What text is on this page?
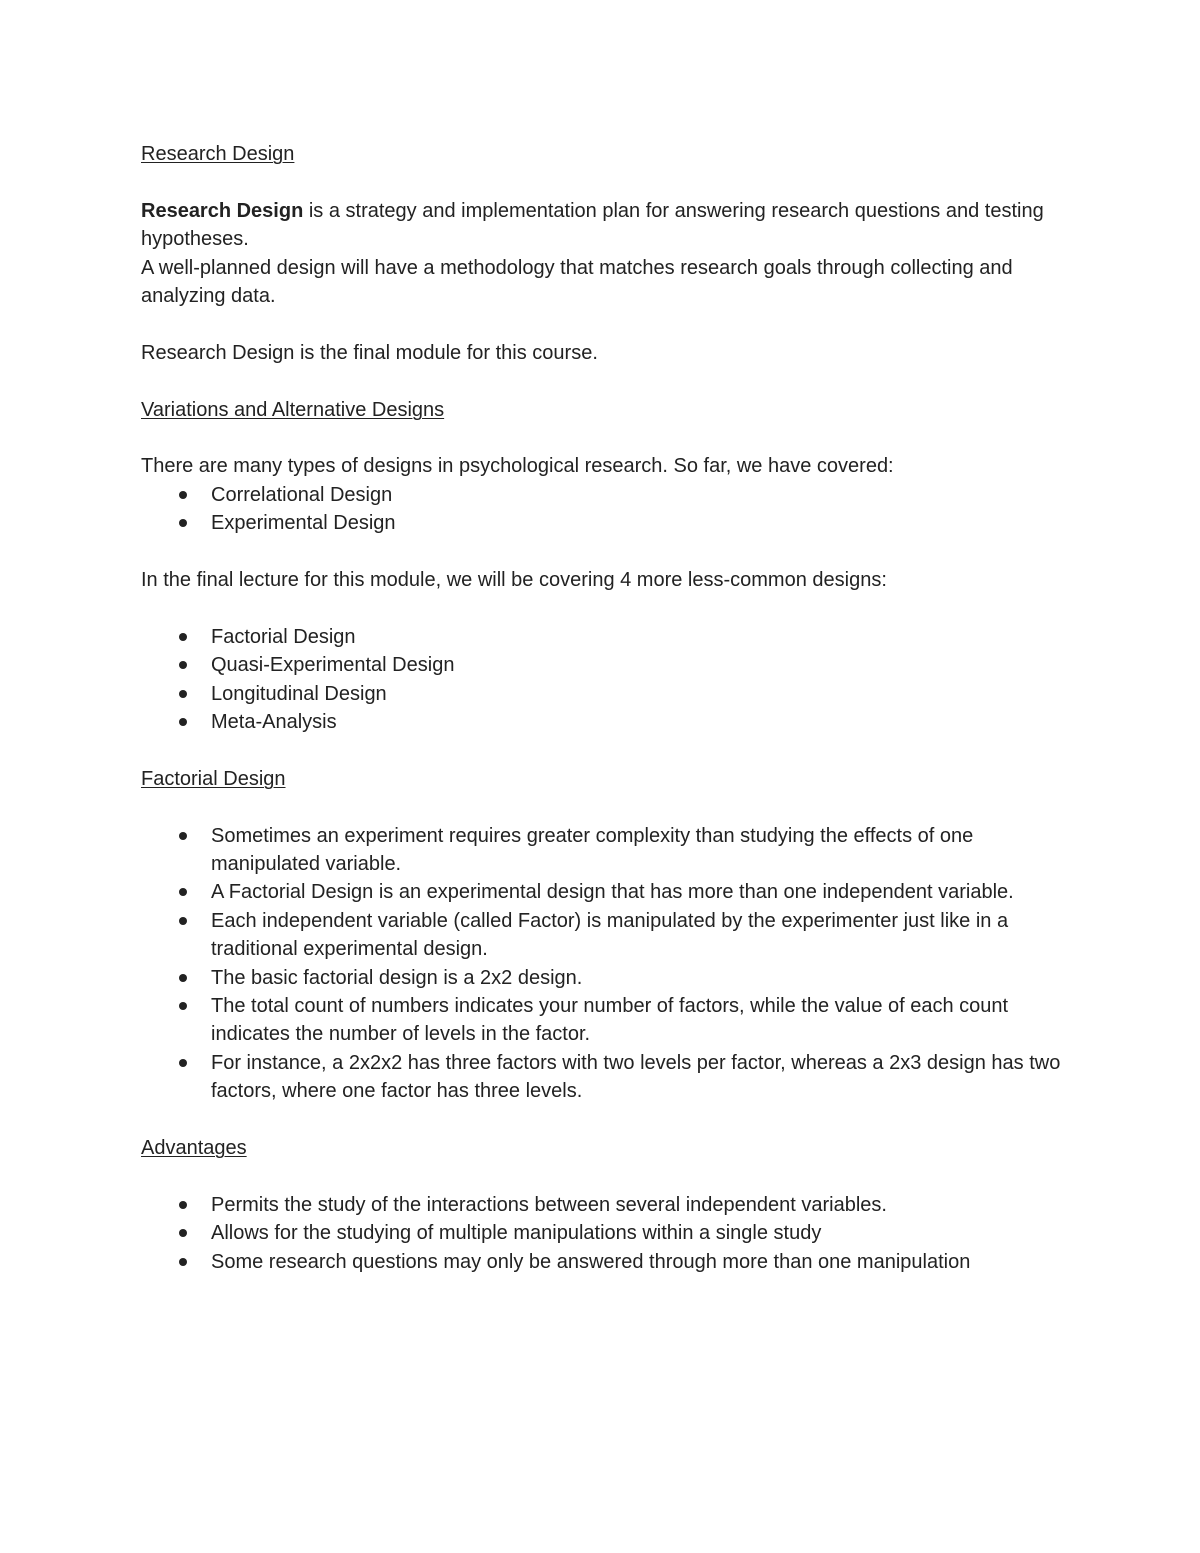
Research Design

Research Design is a strategy and implementation plan for answering research questions and testing hypotheses.

A well-planned design will have a methodology that matches research goals through collecting and analyzing data.

Research Design is the final module for this course.

Variations and Alternative Designs

There are many types of designs in psychological research. So far, we have covered:

Correlational Design
Experimental Design

In the final lecture for this module, we will be covering 4 more less-common designs:

Factorial Design
Quasi-Experimental Design
Longitudinal Design
Meta-Analysis
Factorial Design
Sometimes an experiment requires greater complexity than studying the effects of one manipulated variable.
A Factorial Design is an experimental design that has more than one independent variable.
Each independent variable (called Factor) is manipulated by the experimenter just like in a traditional experimental design.
The basic factorial design is a 2x2 design.
The total count of numbers indicates your number of factors, while the value of each count indicates the number of levels in the factor.
For instance, a 2x2x2 has three factors with two levels per factor, whereas a 2x3 design has two factors, where one factor has three levels.
Advantages
Permits the study of the interactions between several independent variables.
Allows for the studying of multiple manipulations within a single study
Some research questions may only be answered through more than one manipulation
